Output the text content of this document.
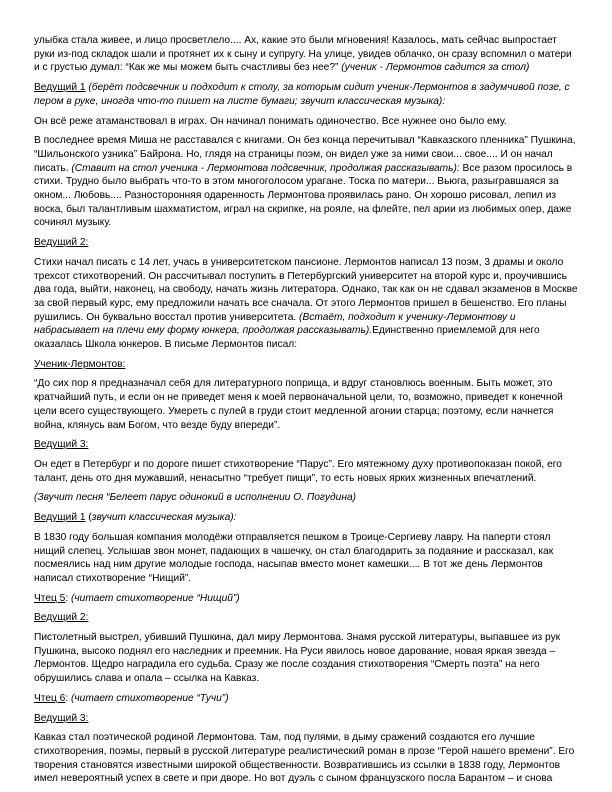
улыбка стала живее, и лицо просветлело.... Ах, какие это были мгновения! Казалось, мать сейчас выпростает руки из-под складок шали и протянет их к сыну и супругу. На улице, увидев облачко, он сразу вспомнил о матери и с грустью думал: “Как же мы можем быть счастливы без нее?” (ученик - Лермонтов садится за стол)

Ведущий 1 (берёт подсвечник и подходит к столу, за которым сидит ученик-Лермонтов в задумчивой позе, с пером в руке, иногда что-то пишет на листе бумаги; звучит классическая музыка):

Он всё реже атаманствовал в играх. Он начинал понимать одиночество. Все нужнее оно было ему.

В последнее время Миша не расставался с книгами. Он без конца перечитывал “Кавказского пленника” Пушкина, “Шильонского узника” Байрона. Но, глядя на страницы поэм, он видел уже за ними свои... свое.... И он начал писать. (Ставит на стол ученика - Лермонтова подсвечник, продолжая рассказывать): Все разом просилось в стихи. Трудно было выбрать что-то в этом многоголосом урагане. Тоска по матери... Вьюга, разыгравшаяся за окном... Любовь.... Разносторонняя одаренность Лермонтова проявилась рано. Он хорошо рисовал, лепил из воска, был талантливым шахматистом, играл на скрипке, на рояле, на флейте, пел арии из любимых опер, даже сочинял музыку.

Ведущий 2:

Стихи начал писать с 14 лет, учась в университетском пансионе. Лермонтов написал 13 поэм, 3 драмы и около трехсот стихотворений. Он рассчитывал поступить в Петербургский университет на второй курс и, проучившись два года, выйти, наконец, на свободу, начать жизнь литератора. Однако, так как он не сдавал экзаменов в Москве за свой первый курс, ему предложили начать все сначала. От этого Лермонтов пришел в бешенство. Его планы рушились. Он буквально восстал против университета. (Встаёт, подходит к ученику-Лермонтову и набрасывает на плечи ему форму юнкера, продолжая рассказывать).Единственно приемлемой для него оказалась Школа юнкеров. В письме Лермонтов писал:

Ученик-Лермонтов:

“До сих пор я предназначал себя для литературного поприща, и вдруг становлюсь военным. Быть может, это кратчайший путь, и если он не приведет меня к моей первоначальной цели, то, возможно, приведет к конечной цели всего существующего. Умереть с пулей в груди стоит медленной агонии старца; поэтому, если начнется война, клянусь вам Богом, что везде буду впереди”.

Ведущий 3:

Он едет в Петербург и по дороге пишет стихотворение “Парус”. Его мятежному духу противопоказан покой, его талант, день ото дня мужавший, ненасытно “требует пищи”, то есть новых ярких жизненных впечатлений.

(Звучит песня “Белеет парус одинокий в исполнении О. Погудина)

Ведущий 1 (звучит классическая музыка):

В 1830 году большая компания молодёжи отправляется пешком в Троице-Сергиеву лавру. На паперти стоял нищий слепец. Услышав звон монет, падающих в чашечку, он стал благодарить за подаяние и рассказал, как посмеялись над ним другие молодые господа, насыпав вместо монет камешки.... В тот же день Лермонтов написал стихотворение “Нищий”.

Чтец 5: (читает стихотворение “Нищий”)

Ведущий 2:

Пистолетный выстрел, убивший Пушкина, дал миру Лермонтова. Знамя русской литературы, выпавшее из рук Пушкина, высоко поднял его наследник и преемник. На Руси явилось новое дарование, новая яркая звезда – Лермонтов. Щедро наградила его судьба. Сразу же после создания стихотворения “Смерть поэта” на него обрушились слава и опала – ссылка на Кавказ.

Чтец 6: (читает стихотворение “Тучи”)

Ведущий 3:

Кавказ стал поэтической родиной Лермонтова. Там, под пулями, в дыму сражений создаются его лучшие стихотворения, поэмы, первый в русской литературе реалистический роман в прозе “Герой нашего времени”. Его творения становятся известными широкой общественности. Возвратившись из ссылки в 1838 году, Лермонтов имел невероятный успех в свете и при дворе. Но вот дуэль с сыном французского посла Барантом – и снова
